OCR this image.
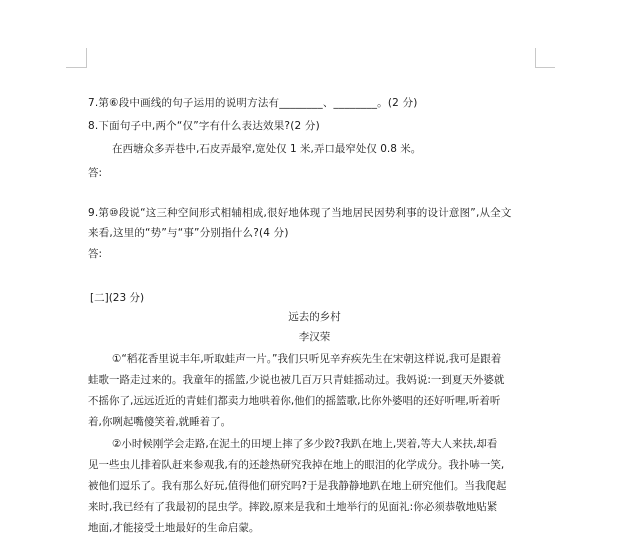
7.第⑥段中画线的句子运用的说明方法有________、________。(2 分)
8.下面句子中,两个“仅”字有什么表达效果?(2 分)
在西塘众多弄巷中,石皮弄最窄,宽处仅 1 米,弄口最窄处仅 0.8 米。
答:
9.第⑩段说“这三种空间形式相辅相成,很好地体现了当地居民因势利事的设计意图”,从全文
来看,这里的“势”与“事”分别指什么?(4 分)
答:
[二](23 分)
远去的乡村
李汉荣
①“稻花香里说丰年,听取蛙声一片。”我们只听见辛弃疾先生在宋朝这样说,我可是跟着
蛙歌一路走过来的。我童年的摇篮,少说也被几百万只青蛙摇动过。我妈说:一到夏天外婆就
不摇你了,远远近近的青蛙们都卖力地哄着你,他们的摇篮歌,比你外婆唱的还好听哩,听着听
着,你咧起嘴傻笑着,就睡着了。
②小时候刚学会走路,在泥土的田埂上摔了多少跤?我趴在地上,哭着,等大人来扶,却看
见一些虫儿排着队赶来参观我,有的还趁热研究我掉在地上的眼泪的化学成分。我扑哧一笑,
被他们逗乐了。我有那么好玩,值得他们研究吗?于是我静静地趴在地上研究他们。当我爬起
来时,我已经有了我最初的昆虫学。摔跤,原来是我和土地举行的见面礼:你必须恭敬地贴紧
地面,才能接受土地最好的生命启蒙。
